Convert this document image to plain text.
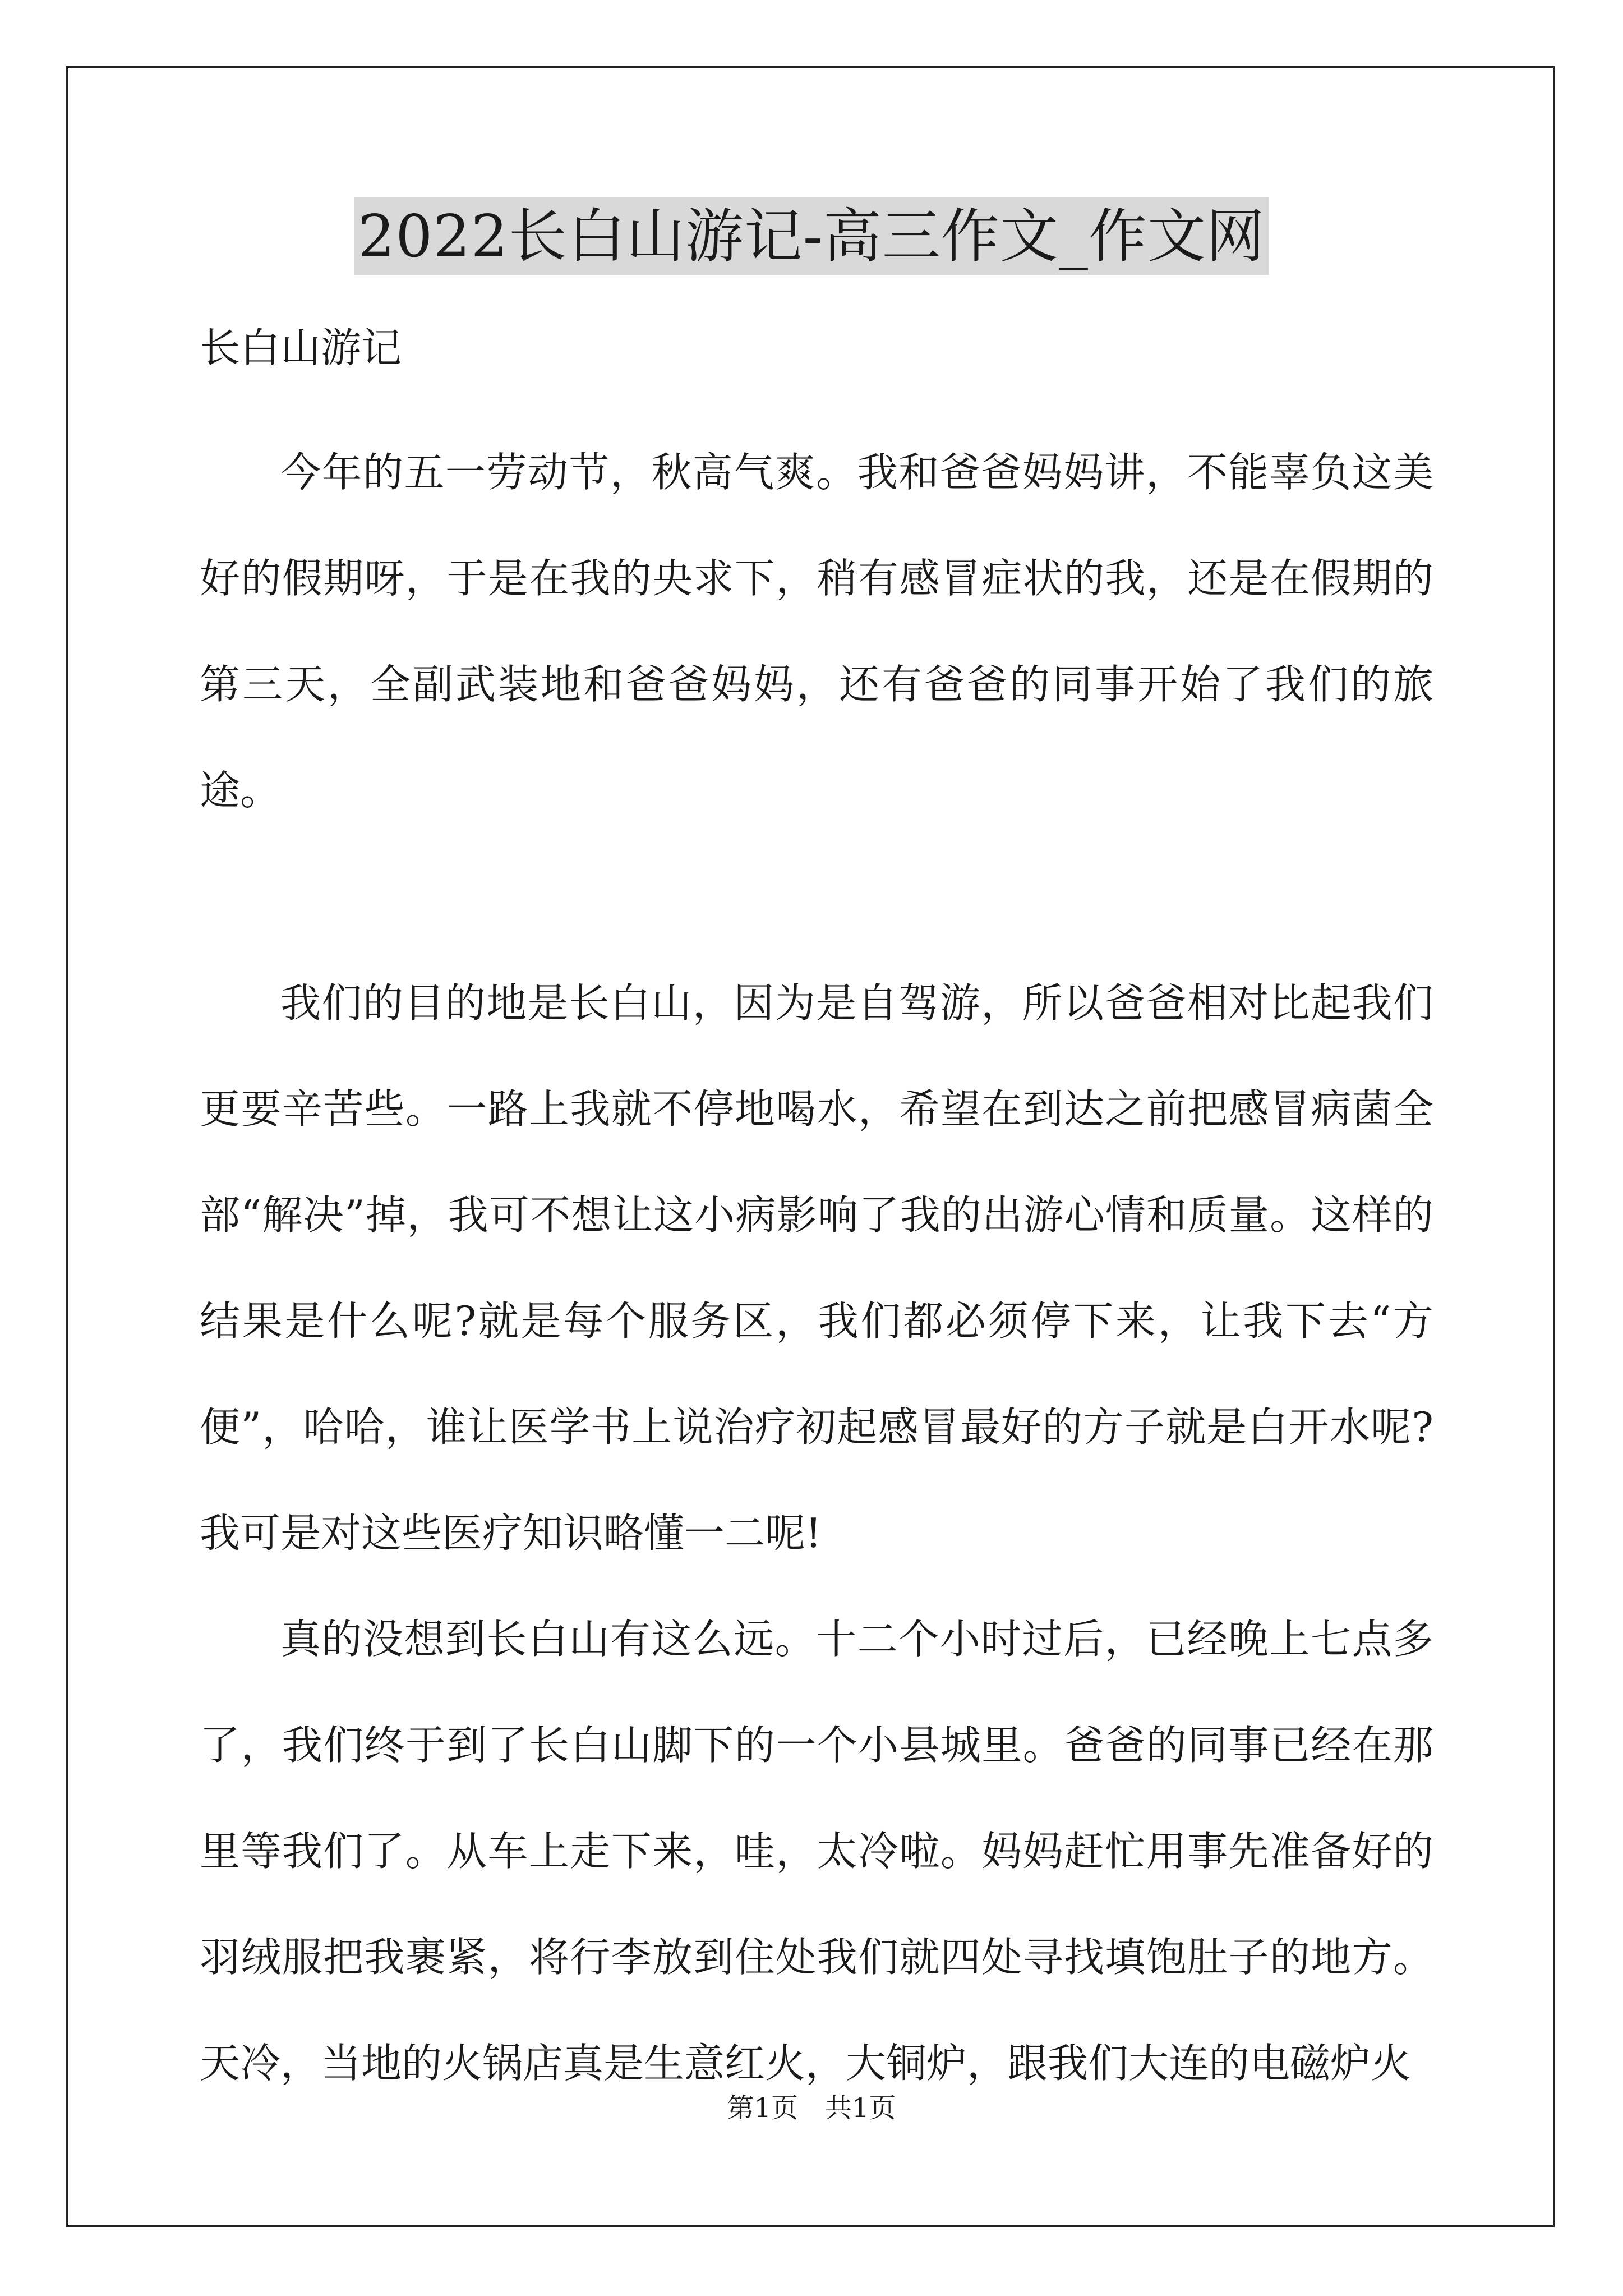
2022长白山游记-高三作文_作文网

长白山游记

今年的五一劳动节，秋高气爽。我和爸爸妈妈讲，不能辜负这美好的假期呀，于是在我的央求下，稍有感冒症状的我，还是在假期的第三天，全副武装地和爸爸妈妈，还有爸爸的同事开始了我们的旅途。

我们的目的地是长白山，因为是自驾游，所以爸爸相对比起我们更要辛苦些。一路上我就不停地喝水，希望在到达之前把感冒病菌全部“解决”掉，我可不想让这小病影响了我的出游心情和质量。这样的结果是什么呢?就是每个服务区，我们都必须停下来，让我下去“方便”，哈哈，谁让医学书上说治疗初起感冒最好的方子就是白开水呢?我可是对这些医疗知识略懂一二呢!

真的没想到长白山有这么远。十二个小时过后，已经晚上七点多了，我们终于到了长白山脚下的一个小县城里。爸爸的同事已经在那里等我们了。从车上走下来，哇，太冷啦。妈妈赶忙用事先准备好的羽绒服把我裹紧，将行李放到住处我们就四处寻找填饱肚子的地方。天冷，当地的火锅店真是生意红火，大铜炉，跟我们大连的电磁炉火

第1页　共1页
